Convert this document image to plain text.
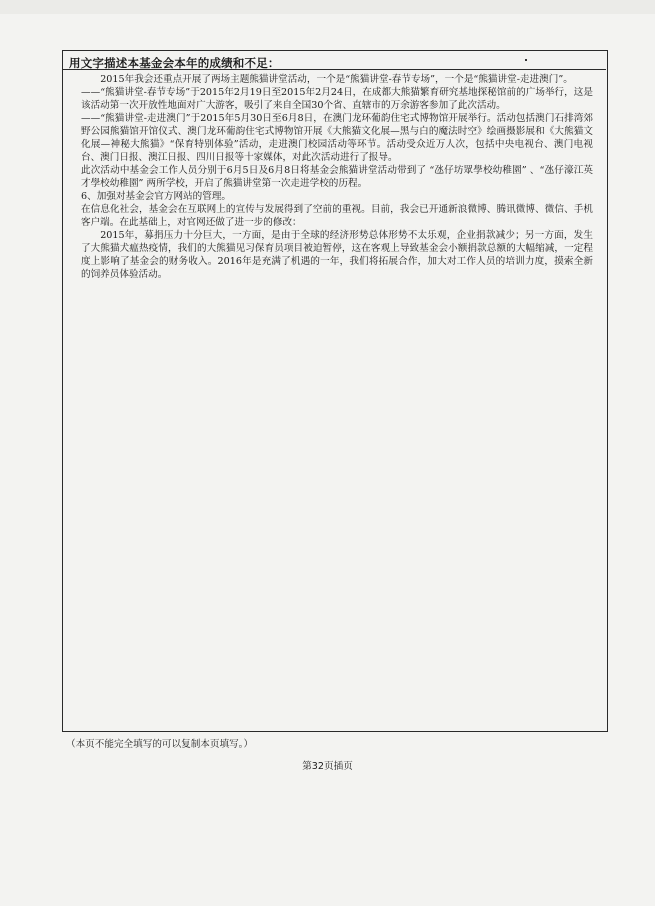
用文字描述本基金会本年的成绩和不足：

2015年我会还重点开展了两场主题熊猫讲堂活动，一个是“熊猫讲堂-春节专场”，一个是“熊猫讲堂-走进澳门”。

——“熊猫讲堂-春节专场”于2015年2月19日至2015年2月24日，在成都大熊猫繁育研究基地探秘馆前的广场举行，这是该活动第一次开放性地面对广大游客，吸引了来自全国30个省、直辖市的万余游客参加了此次活动。

——“熊猫讲堂-走进澳门”于2015年5月30日至6月8日，在澳门龙环葡韵住宅式博物馆开展举行。活动包括澳门石排湾郊野公园熊猫馆开馆仪式、澳门龙环葡韵住宅式博物馆开展《大熊猫文化展—黑与白的魔法时空》绘画摄影展和《大熊猫文化展—神秘大熊猫》“保育特别体验”活动，走进澳门校园活动等环节。活动受众近万人次，包括中央电视台、澳门电视台、澳门日报、澳江日报、四川日报等十家媒体，对此次活动进行了报导。

此次活动中基金会工作人员分别于6月5日及6月8日将基金会熊猫讲堂活动带到了 “氹仔坊眾學校幼稚園” 、“氹仔濠江英才學校幼稚園” 两所学校，开启了熊猫讲堂第一次走进学校的历程。

6、加强对基金会官方网站的管理。

在信息化社会，基金会在互联网上的宣传与发展得到了空前的重视。目前，我会已开通新浪微博、腾讯微博、微信、手机客户端。在此基础上，对官网还做了进一步的修改：

2015年，募捐压力十分巨大，一方面，是由于全球的经济形势总体形势不太乐观，企业捐款减少；另一方面，发生了大熊猫犬瘟热疫情，我们的大熊猫见习保育员项目被迫暂停，这在客观上导致基金会小额捐款总额的大幅缩减，一定程度上影响了基金会的财务收入。2016年是充满了机遇的一年，我们将拓展合作，加大对工作人员的培训力度，摸索全新的饲养员体验活动。

（本页不能完全填写的可以复制本页填写。）
第32页插页
